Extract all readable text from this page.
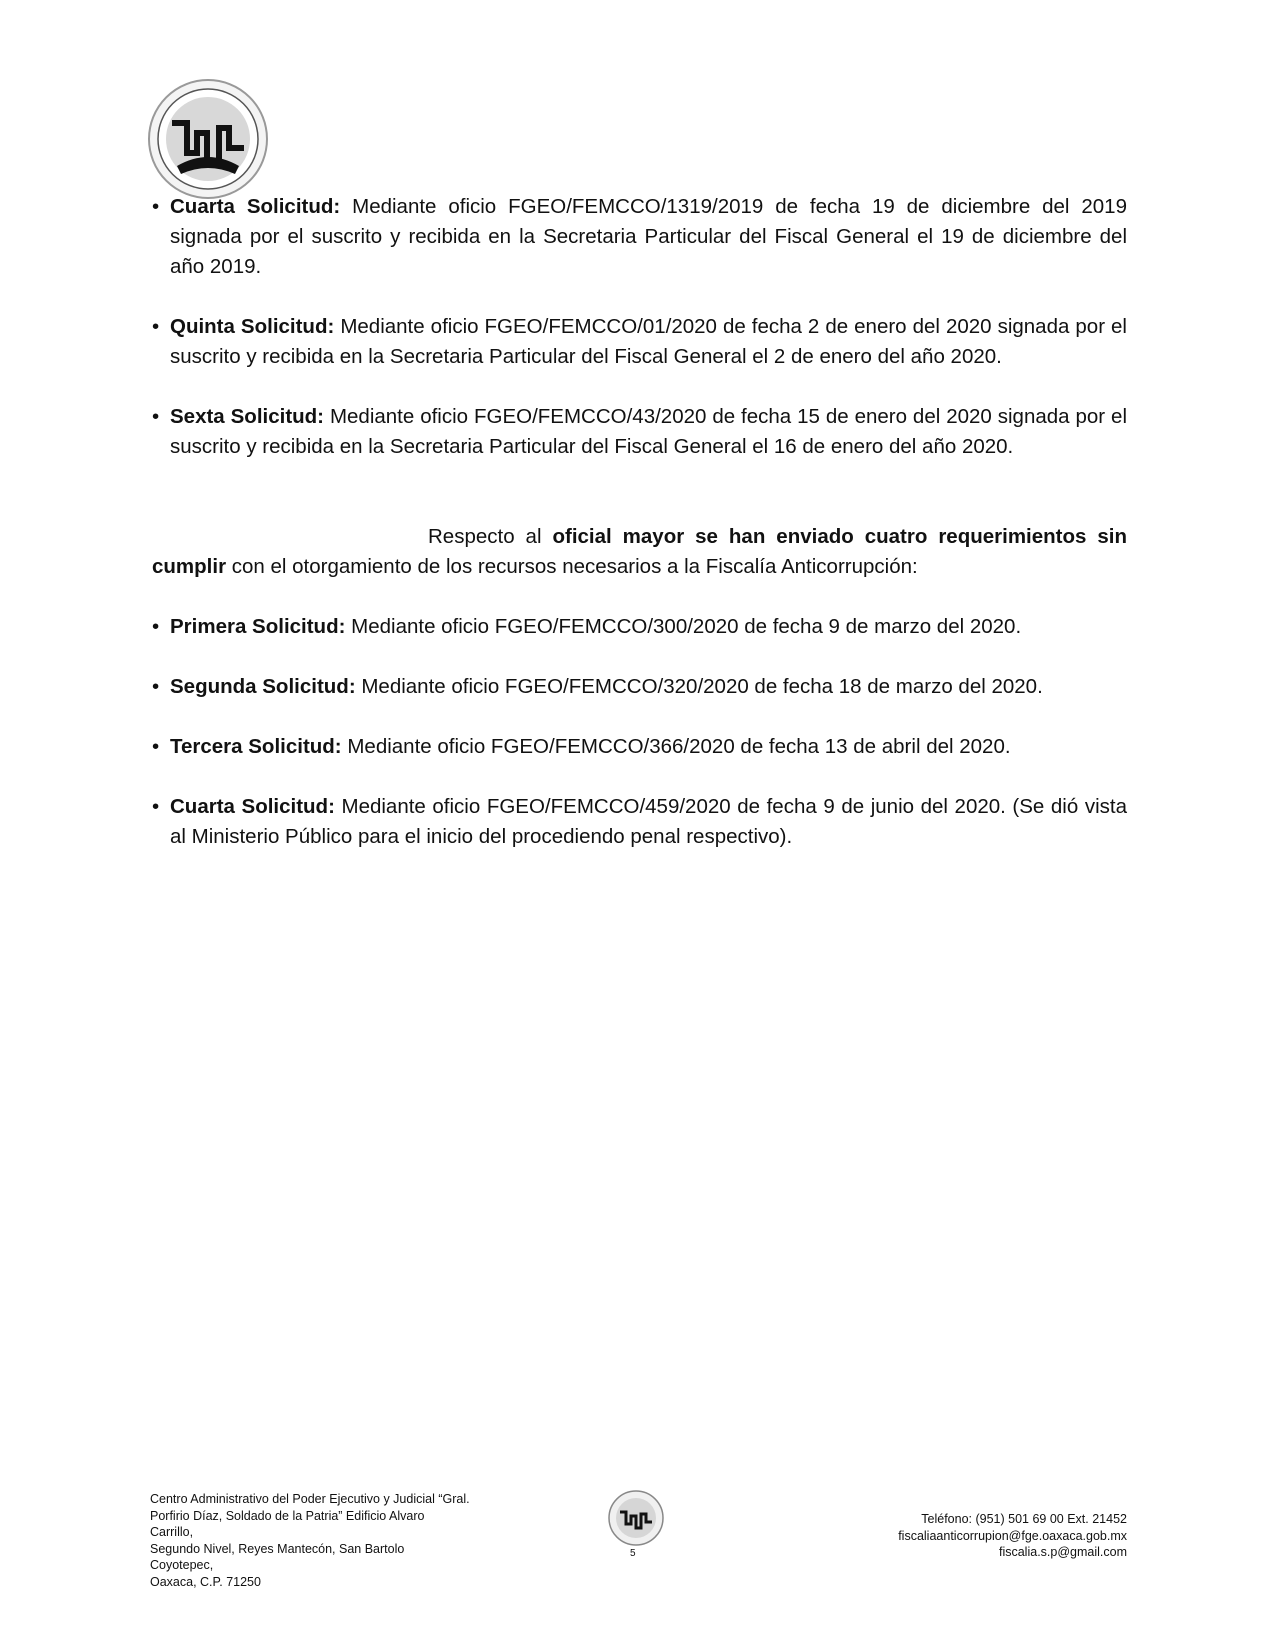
• Cuarta Solicitud: Mediante oficio FGEO/FEMCCO/1319/2019 de fecha 19 de diciembre del 2019 signada por el suscrito y recibida en la Secretaria Particular del Fiscal General el 19 de diciembre del año 2019.

• Quinta Solicitud: Mediante oficio FGEO/FEMCCO/01/2020 de fecha 2 de enero del 2020 signada por el suscrito y recibida en la Secretaria Particular del Fiscal General el 2 de enero del año 2020.

• Sexta Solicitud: Mediante oficio FGEO/FEMCCO/43/2020 de fecha 15 de enero del 2020 signada por el suscrito y recibida en la Secretaria Particular del Fiscal General el 16 de enero del año 2020.

Respecto al oficial mayor se han enviado cuatro requerimientos sin cumplir con el otorgamiento de los recursos necesarios a la Fiscalía Anticorrupción:

• Primera Solicitud: Mediante oficio FGEO/FEMCCO/300/2020 de fecha 9 de marzo del 2020.

• Segunda Solicitud: Mediante oficio FGEO/FEMCCO/320/2020 de fecha 18 de marzo del 2020.

• Tercera Solicitud: Mediante oficio FGEO/FEMCCO/366/2020 de fecha 13 de abril del 2020.

• Cuarta Solicitud: Mediante oficio FGEO/FEMCCO/459/2020 de fecha 9 de junio del 2020. (Se dió vista al Ministerio Público para el inicio del procediendo penal respectivo).

Centro Administrativo del Poder Ejecutivo y Judicial “Gral.
Porfirio Díaz, Soldado de la Patria” Edificio Alvaro Carrillo,
Segundo Nivel, Reyes Mantecón, San Bartolo Coyotepec,
Oaxaca, C.P. 71250
5
Teléfono: (951) 501 69 00 Ext. 21452
fiscaliaanticorrupion@fge.oaxaca.gob.mx
fiscalia.s.p@gmail.com
